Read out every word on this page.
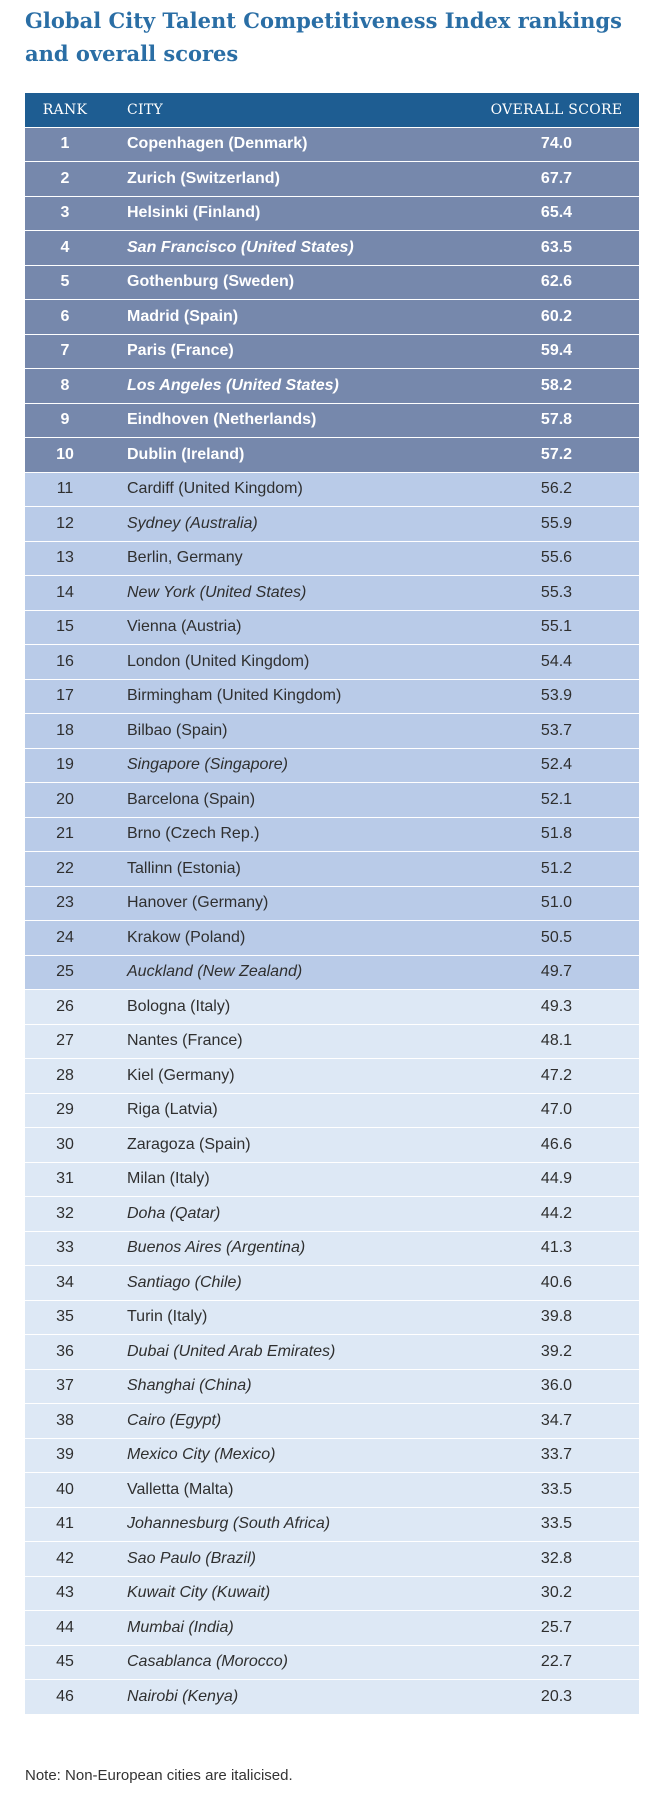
Global City Talent Competitiveness Index rankings and overall scores
RANK	CITY	OVERALL SCORE
1	Copenhagen (Denmark)	74.0
2	Zurich (Switzerland)	67.7
3	Helsinki (Finland)	65.4
4	San Francisco (United States)	63.5
5	Gothenburg (Sweden)	62.6
6	Madrid (Spain)	60.2
7	Paris (France)	59.4
8	Los Angeles (United States)	58.2
9	Eindhoven (Netherlands)	57.8
10	Dublin (Ireland)	57.2
11	Cardiff (United Kingdom)	56.2
12	Sydney (Australia)	55.9
13	Berlin, Germany	55.6
14	New York (United States)	55.3
15	Vienna (Austria)	55.1
16	London (United Kingdom)	54.4
17	Birmingham (United Kingdom)	53.9
18	Bilbao (Spain)	53.7
19	Singapore (Singapore)	52.4
20	Barcelona (Spain)	52.1
21	Brno (Czech Rep.)	51.8
22	Tallinn (Estonia)	51.2
23	Hanover (Germany)	51.0
24	Krakow (Poland)	50.5
25	Auckland (New Zealand)	49.7
26	Bologna (Italy)	49.3
27	Nantes (France)	48.1
28	Kiel (Germany)	47.2
29	Riga (Latvia)	47.0
30	Zaragoza (Spain)	46.6
31	Milan (Italy)	44.9
32	Doha (Qatar)	44.2
33	Buenos Aires (Argentina)	41.3
34	Santiago (Chile)	40.6
35	Turin (Italy)	39.8
36	Dubai (United Arab Emirates)	39.2
37	Shanghai (China)	36.0
38	Cairo (Egypt)	34.7
39	Mexico City (Mexico)	33.7
40	Valletta (Malta)	33.5
41	Johannesburg (South Africa)	33.5
42	Sao Paulo (Brazil)	32.8
43	Kuwait City (Kuwait)	30.2
44	Mumbai (India)	25.7
45	Casablanca (Morocco)	22.7
46	Nairobi (Kenya)	20.3

Note: Non-European cities are italicised.
